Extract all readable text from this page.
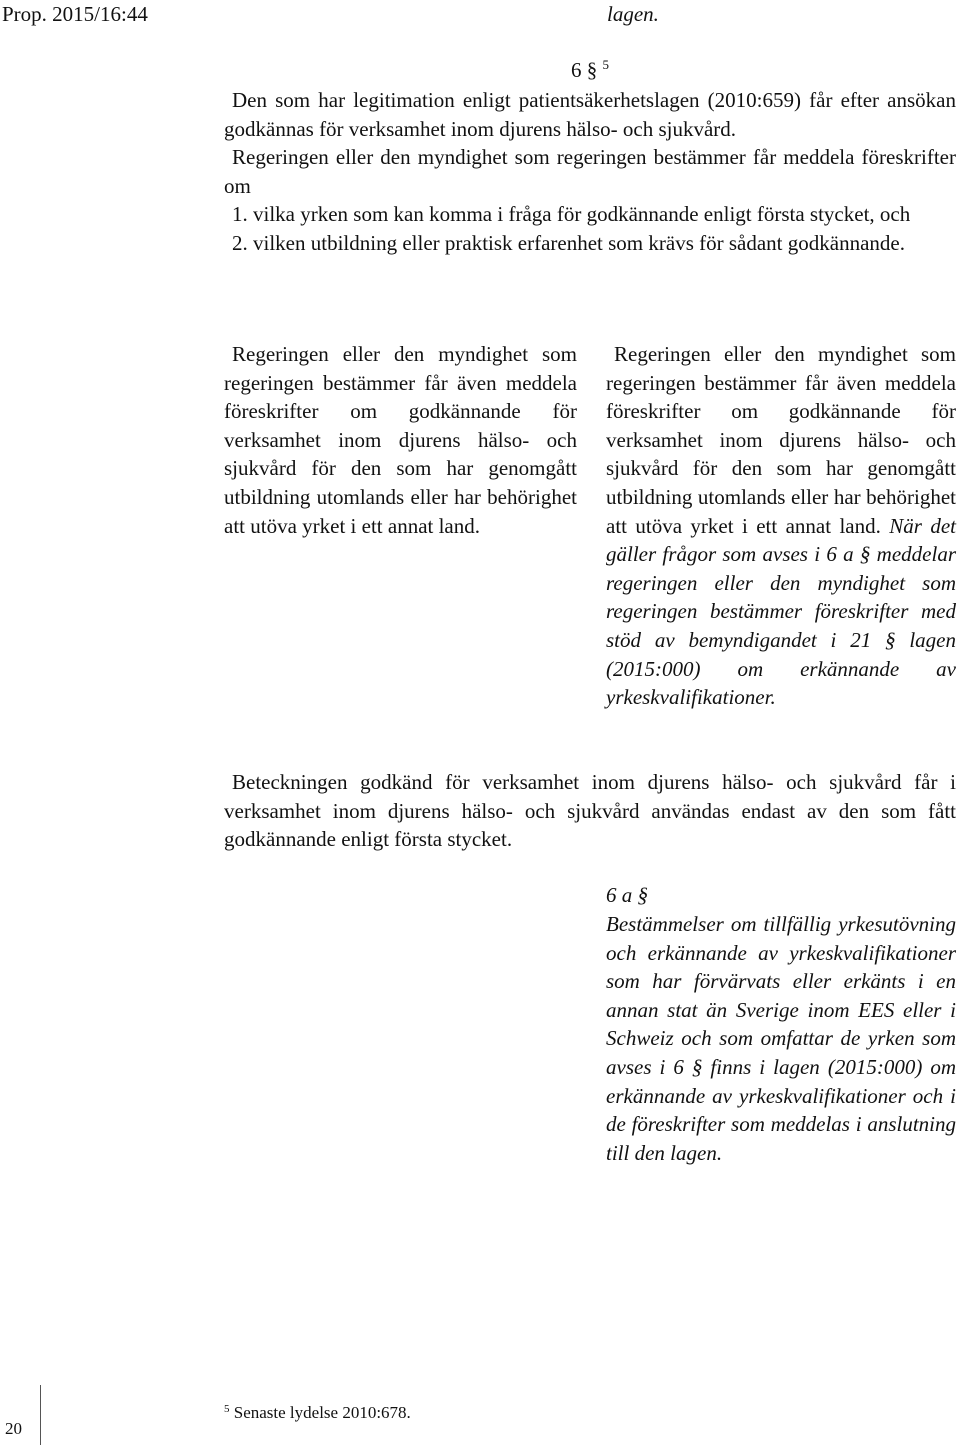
Prop. 2015/16:44	lagen.
6 § $^5$

Den som har legitimation enligt patientsäkerhetslagen (2010:659) får efter ansökan godkännas för verksamhet inom djurens hälso- och sjukvård.

Regeringen eller den myndighet som regeringen bestämmer får meddela föreskrifter om

1. vilka yrken som kan komma i fråga för godkännande enligt första stycket, och

2. vilken utbildning eller praktisk erfarenhet som krävs för sådant godkännande.

Regeringen eller den myndighet som regeringen bestämmer får även meddela föreskrifter om godkännande för verksamhet inom djurens hälso- och sjukvård för den som har genomgått utbildning utomlands eller har behörighet att utöva yrket i ett annat land.

Regeringen eller den myndighet som regeringen bestämmer får även meddela föreskrifter om godkännande för verksamhet inom djurens hälso- och sjukvård för den som har genomgått utbildning utomlands eller har behörighet att utöva yrket i ett annat land. När det gäller frågor som avses i 6 a § meddelar regeringen eller den myndighet som regeringen bestämmer föreskrifter med stöd av bemyndigandet i 21 § lagen (2015:000) om erkännande av yrkeskvalifikationer.

Beteckningen godkänd för verksamhet inom djurens hälso- och sjukvård får i verksamhet inom djurens hälso- och sjukvård användas endast av den som fått godkännande enligt första stycket.

6 a §
Bestämmelser om tillfällig yrkesutövning och erkännande av yrkeskvalifikationer som har förvärvats eller erkänts i en annan stat än Sverige inom EES eller i Schweiz och som omfattar de yrken som avses i 6 § finns i lagen (2015:000) om erkännande av yrkeskvalifikationer och i de föreskrifter som meddelas i anslutning till den lagen.
$^5$ Senaste lydelse 2010:678.
20
